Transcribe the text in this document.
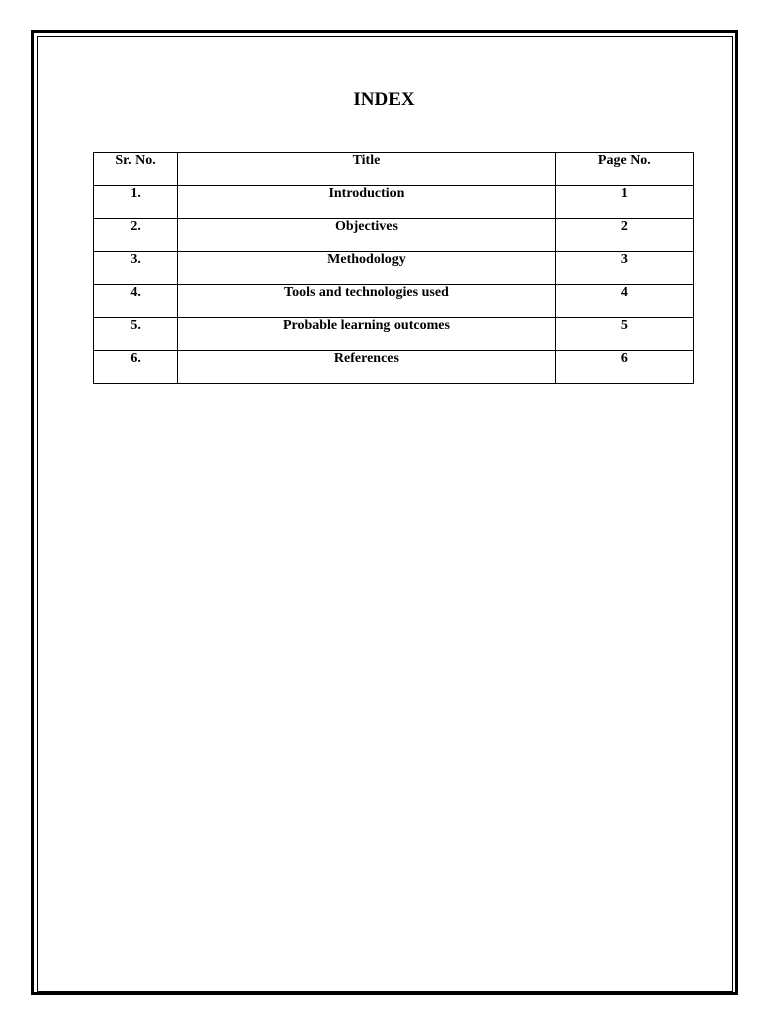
INDEX
Sr. No.	Title	Page No.

1.	Introduction	1

2.	Objectives	2

3.	Methodology	3

4.	Tools and technologies used	4

5.	Probable learning outcomes	5

6.	References	6
